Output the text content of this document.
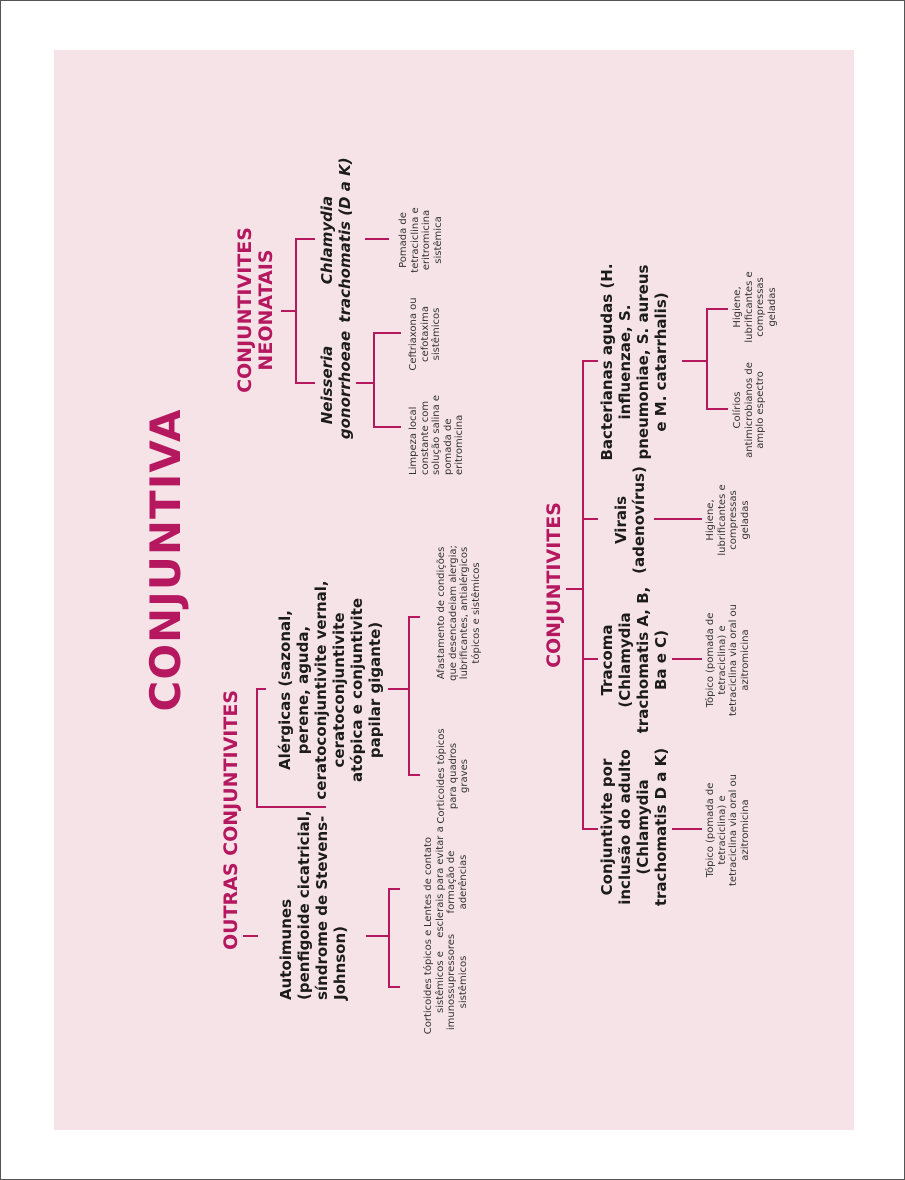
CONJUNTIVA
OUTRAS CONJUNTIVITES Autoimunes (penfigoide cicatricial, síndrome de Stevens-Johnson)	Corticoides tópicos e sistêmicos e imunossupressores sistêmicos
Lentes de contato esclerais para evitar a formação de aderências
Alérgicas (sazonal, perene, aguda, ceratoconjuntivite vernal, ceratoconjuntivite atópica e conjuntivite papilar gigante)
Corticoides tópicos para quadros graves
Afastamento de condições que desencadeiam alergia; lubrificantes, antialérgicos tópicos e sistêmicos
CONJUNTIVITES NEONATAIS
Neisseria gonorrhoeae
Limpeza local constante com solução salina e pomada de eritromicina
Ceftriaxona ou cefotaxima sistêmicos
Chlamydia trachomatis (D a K)	Pomada de tetraciclina e eritromicina sistêmica
CONJUNTIVITES
Conjuntivite por inclusão do adulto (Chlamydia trachomatis D a K)	Tópico (pomada de tetraciclina) e tetraciclina via oral ou azitromicina
Tracoma (Chlamydia trachomatis A, B, Ba e C)	Tópico (pomada de tetraciclina) e tetraciclina via oral ou azitromicina
Virais (adenovírus)	Higiene, lubrificantes e compressas geladas
Bacterianas agudas (H. influenzae, S. pneumoniae, S. aureus e M. catarrhalis)	Colírios antimicrobianos de amplo espectro
Higiene, lubrificantes e compressas geladas
